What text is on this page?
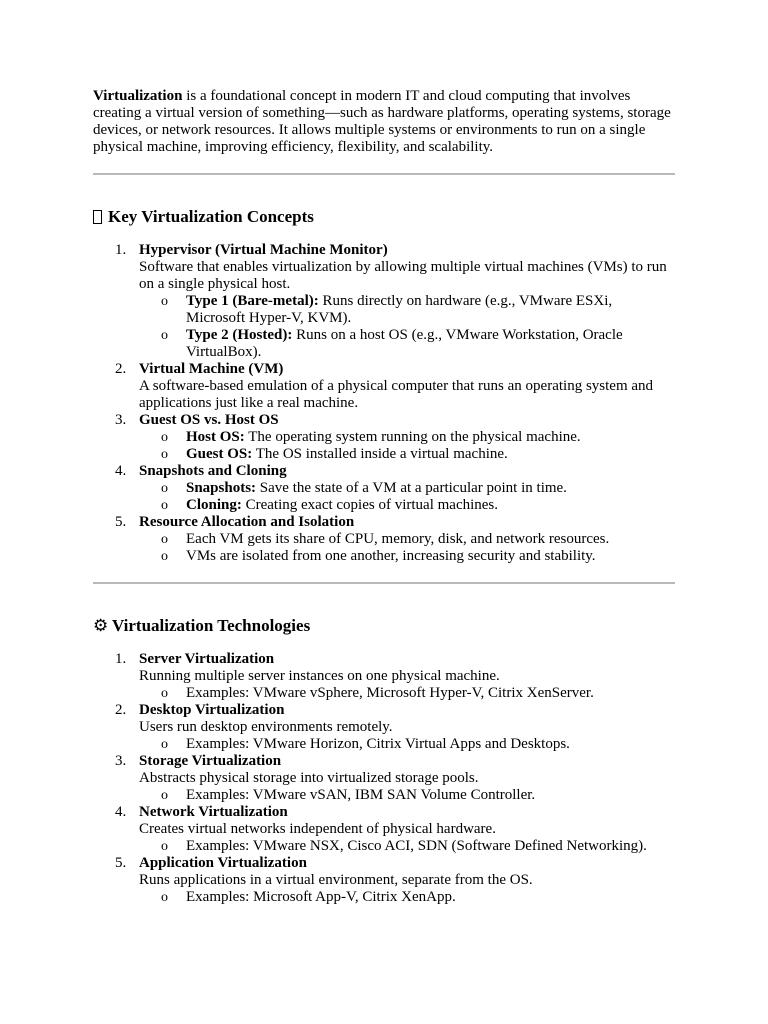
Virtualization is a foundational concept in modern IT and cloud computing that involves creating a virtual version of something—such as hardware platforms, operating systems, storage devices, or network resources. It allows multiple systems or environments to run on a single physical machine, improving efficiency, flexibility, and scalability.

Key Virtualization Concepts
1. Hypervisor (Virtual Machine Monitor)
Software that enables virtualization by allowing multiple virtual machines (VMs) to run on a single physical host.
o Type 1 (Bare-metal): Runs directly on hardware (e.g., VMware ESXi, Microsoft Hyper-V, KVM).
o Type 2 (Hosted): Runs on a host OS (e.g., VMware Workstation, Oracle VirtualBox).
2. Virtual Machine (VM)
A software-based emulation of a physical computer that runs an operating system and applications just like a real machine.
3. Guest OS vs. Host OS
o Host OS: The operating system running on the physical machine.
o Guest OS: The OS installed inside a virtual machine.
4. Snapshots and Cloning
o Snapshots: Save the state of a VM at a particular point in time.
o Cloning: Creating exact copies of virtual machines.
5. Resource Allocation and Isolation
o Each VM gets its share of CPU, memory, disk, and network resources.
o VMs are isolated from one another, increasing security and stability.
⚙ Virtualization Technologies
1. Server Virtualization
Running multiple server instances on one physical machine.
o Examples: VMware vSphere, Microsoft Hyper-V, Citrix XenServer.
2. Desktop Virtualization
Users run desktop environments remotely.
o Examples: VMware Horizon, Citrix Virtual Apps and Desktops.
3. Storage Virtualization
Abstracts physical storage into virtualized storage pools.
o Examples: VMware vSAN, IBM SAN Volume Controller.
4. Network Virtualization
Creates virtual networks independent of physical hardware.
o Examples: VMware NSX, Cisco ACI, SDN (Software Defined Networking).
5. Application Virtualization
Runs applications in a virtual environment, separate from the OS.
o Examples: Microsoft App-V, Citrix XenApp.
